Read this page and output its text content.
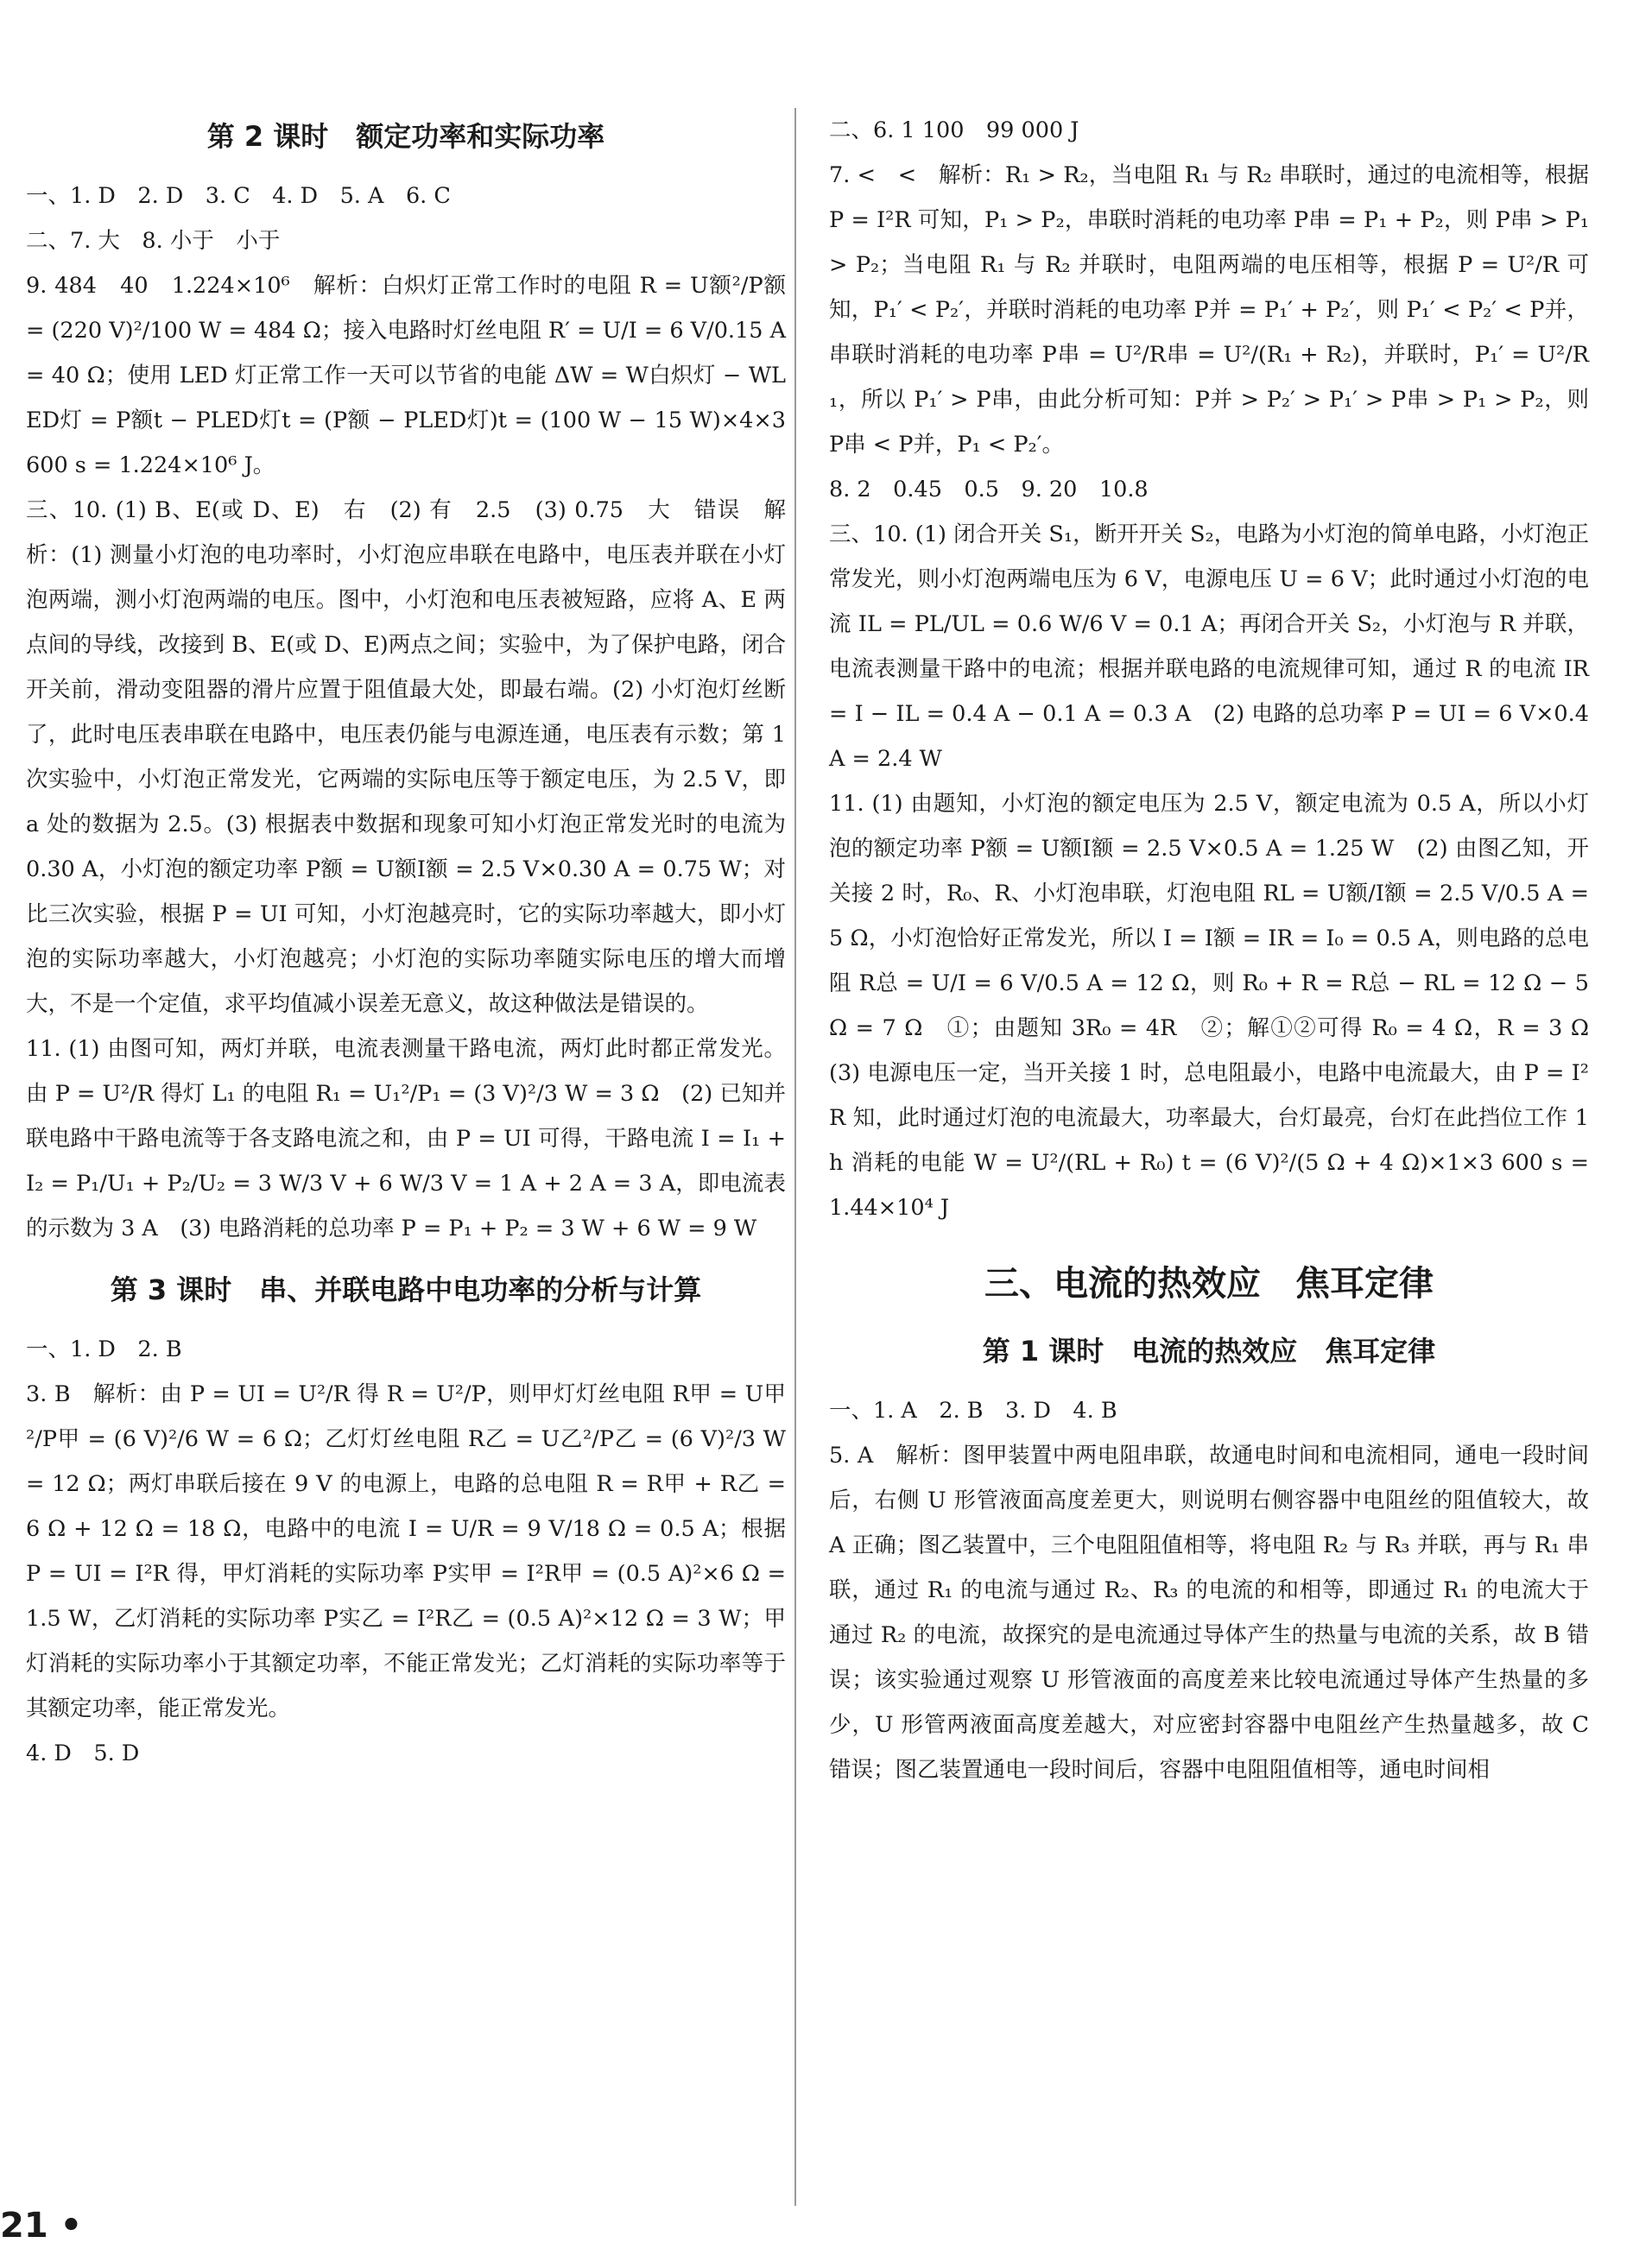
第 2 课时　额定功率和实际功率

一、1. D　2. D　3. C　4. D　5. A　6. C

二、7. 大　8. 小于　小于

9. 484　40　1.224×10⁶　解析：白炽灯正常工作时的电阻 R = U额²/P额 = (220 V)²/100 W = 484 Ω；接入电路时灯丝电阻 R′ = U/I = 6 V/0.15 A = 40 Ω；使用 LED 灯正常工作一天可以节省的电能 ΔW = W白炽灯 − WLED灯 = P额t − PLED灯t = (P额 − PLED灯)t = (100 W − 15 W)×4×3 600 s = 1.224×10⁶ J。

三、10. (1) B、E(或 D、E)　右　(2) 有　2.5　(3) 0.75　大　错误　解析：(1) 测量小灯泡的电功率时，小灯泡应串联在电路中，电压表并联在小灯泡两端，测小灯泡两端的电压。图中，小灯泡和电压表被短路，应将 A、E 两点间的导线，改接到 B、E(或 D、E)两点之间；实验中，为了保护电路，闭合开关前，滑动变阻器的滑片应置于阻值最大处，即最右端。(2) 小灯泡灯丝断了，此时电压表串联在电路中，电压表仍能与电源连通，电压表有示数；第 1 次实验中，小灯泡正常发光，它两端的实际电压等于额定电压，为 2.5 V，即 a 处的数据为 2.5。(3) 根据表中数据和现象可知小灯泡正常发光时的电流为 0.30 A，小灯泡的额定功率 P额 = U额I额 = 2.5 V×0.30 A = 0.75 W；对比三次实验，根据 P = UI 可知，小灯泡越亮时，它的实际功率越大，即小灯泡的实际功率越大，小灯泡越亮；小灯泡的实际功率随实际电压的增大而增大，不是一个定值，求平均值减小误差无意义，故这种做法是错误的。

11. (1) 由图可知，两灯并联，电流表测量干路电流，两灯此时都正常发光。由 P = U²/R 得灯 L₁ 的电阻 R₁ = U₁²/P₁ = (3 V)²/3 W = 3 Ω　(2) 已知并联电路中干路电流等于各支路电流之和，由 P = UI 可得，干路电流 I = I₁ + I₂ = P₁/U₁ + P₂/U₂ = 3 W/3 V + 6 W/3 V = 1 A + 2 A = 3 A，即电流表的示数为 3 A　(3) 电路消耗的总功率 P = P₁ + P₂ = 3 W + 6 W = 9 W

第 3 课时　串、并联电路中电功率的分析与计算

一、1. D　2. B

3. B　解析：由 P = UI = U²/R 得 R = U²/P，则甲灯灯丝电阻 R甲 = U甲²/P甲 = (6 V)²/6 W = 6 Ω；乙灯灯丝电阻 R乙 = U乙²/P乙 = (6 V)²/3 W = 12 Ω；两灯串联后接在 9 V 的电源上，电路的总电阻 R = R甲 + R乙 = 6 Ω + 12 Ω = 18 Ω，电路中的电流 I = U/R = 9 V/18 Ω = 0.5 A；根据 P = UI = I²R 得，甲灯消耗的实际功率 P实甲 = I²R甲 = (0.5 A)²×6 Ω = 1.5 W，乙灯消耗的实际功率 P实乙 = I²R乙 = (0.5 A)²×12 Ω = 3 W；甲灯消耗的实际功率小于其额定功率，不能正常发光；乙灯消耗的实际功率等于其额定功率，能正常发光。

4. D　5. D

二、6. 1 100　99 000 J

7. <　<　解析：R₁ > R₂，当电阻 R₁ 与 R₂ 串联时，通过的电流相等，根据 P = I²R 可知，P₁ > P₂，串联时消耗的电功率 P串 = P₁ + P₂，则 P串 > P₁ > P₂；当电阻 R₁ 与 R₂ 并联时，电阻两端的电压相等，根据 P = U²/R 可知，P₁′ < P₂′，并联时消耗的电功率 P并 = P₁′ + P₂′，则 P₁′ < P₂′ < P并，串联时消耗的电功率 P串 = U²/R串 = U²/(R₁ + R₂)，并联时，P₁′ = U²/R₁，所以 P₁′ > P串，由此分析可知：P并 > P₂′ > P₁′ > P串 > P₁ > P₂，则 P串 < P并，P₁ < P₂′。

8. 2　0.45　0.5　9. 20　10.8

三、10. (1) 闭合开关 S₁，断开开关 S₂，电路为小灯泡的简单电路，小灯泡正常发光，则小灯泡两端电压为 6 V，电源电压 U = 6 V；此时通过小灯泡的电流 IL = PL/UL = 0.6 W/6 V = 0.1 A；再闭合开关 S₂，小灯泡与 R 并联，电流表测量干路中的电流；根据并联电路的电流规律可知，通过 R 的电流 IR = I − IL = 0.4 A − 0.1 A = 0.3 A　(2) 电路的总功率 P = UI = 6 V×0.4 A = 2.4 W

11. (1) 由题知，小灯泡的额定电压为 2.5 V，额定电流为 0.5 A，所以小灯泡的额定功率 P额 = U额I额 = 2.5 V×0.5 A = 1.25 W　(2) 由图乙知，开关接 2 时，R₀、R、小灯泡串联，灯泡电阻 RL = U额/I额 = 2.5 V/0.5 A = 5 Ω，小灯泡恰好正常发光，所以 I = I额 = IR = I₀ = 0.5 A，则电路的总电阻 R总 = U/I = 6 V/0.5 A = 12 Ω，则 R₀ + R = R总 − RL = 12 Ω − 5 Ω = 7 Ω　①；由题知 3R₀ = 4R　②；解①②可得 R₀ = 4 Ω，R = 3 Ω　(3) 电源电压一定，当开关接 1 时，总电阻最小，电路中电流最大，由 P = I²R 知，此时通过灯泡的电流最大，功率最大，台灯最亮，台灯在此挡位工作 1 h 消耗的电能 W = U²/(RL + R₀) t = (6 V)²/(5 Ω + 4 Ω)×1×3 600 s = 1.44×10⁴ J

三、电流的热效应　焦耳定律
第 1 课时　电流的热效应　焦耳定律

一、1. A　2. B　3. D　4. B

5. A　解析：图甲装置中两电阻串联，故通电时间和电流相同，通电一段时间后，右侧 U 形管液面高度差更大，则说明右侧容器中电阻丝的阻值较大，故 A 正确；图乙装置中，三个电阻阻值相等，将电阻 R₂ 与 R₃ 并联，再与 R₁ 串联，通过 R₁ 的电流与通过 R₂、R₃ 的电流的和相等，即通过 R₁ 的电流大于通过 R₂ 的电流，故探究的是电流通过导体产生的热量与电流的关系，故 B 错误；该实验通过观察 U 形管液面的高度差来比较电流通过导体产生热量的多少，U 形管两液面高度差越大，对应密封容器中电阻丝产生热量越多，故 C 错误；图乙装置通电一段时间后，容器中电阻阻值相等，通电时间相

21 •
